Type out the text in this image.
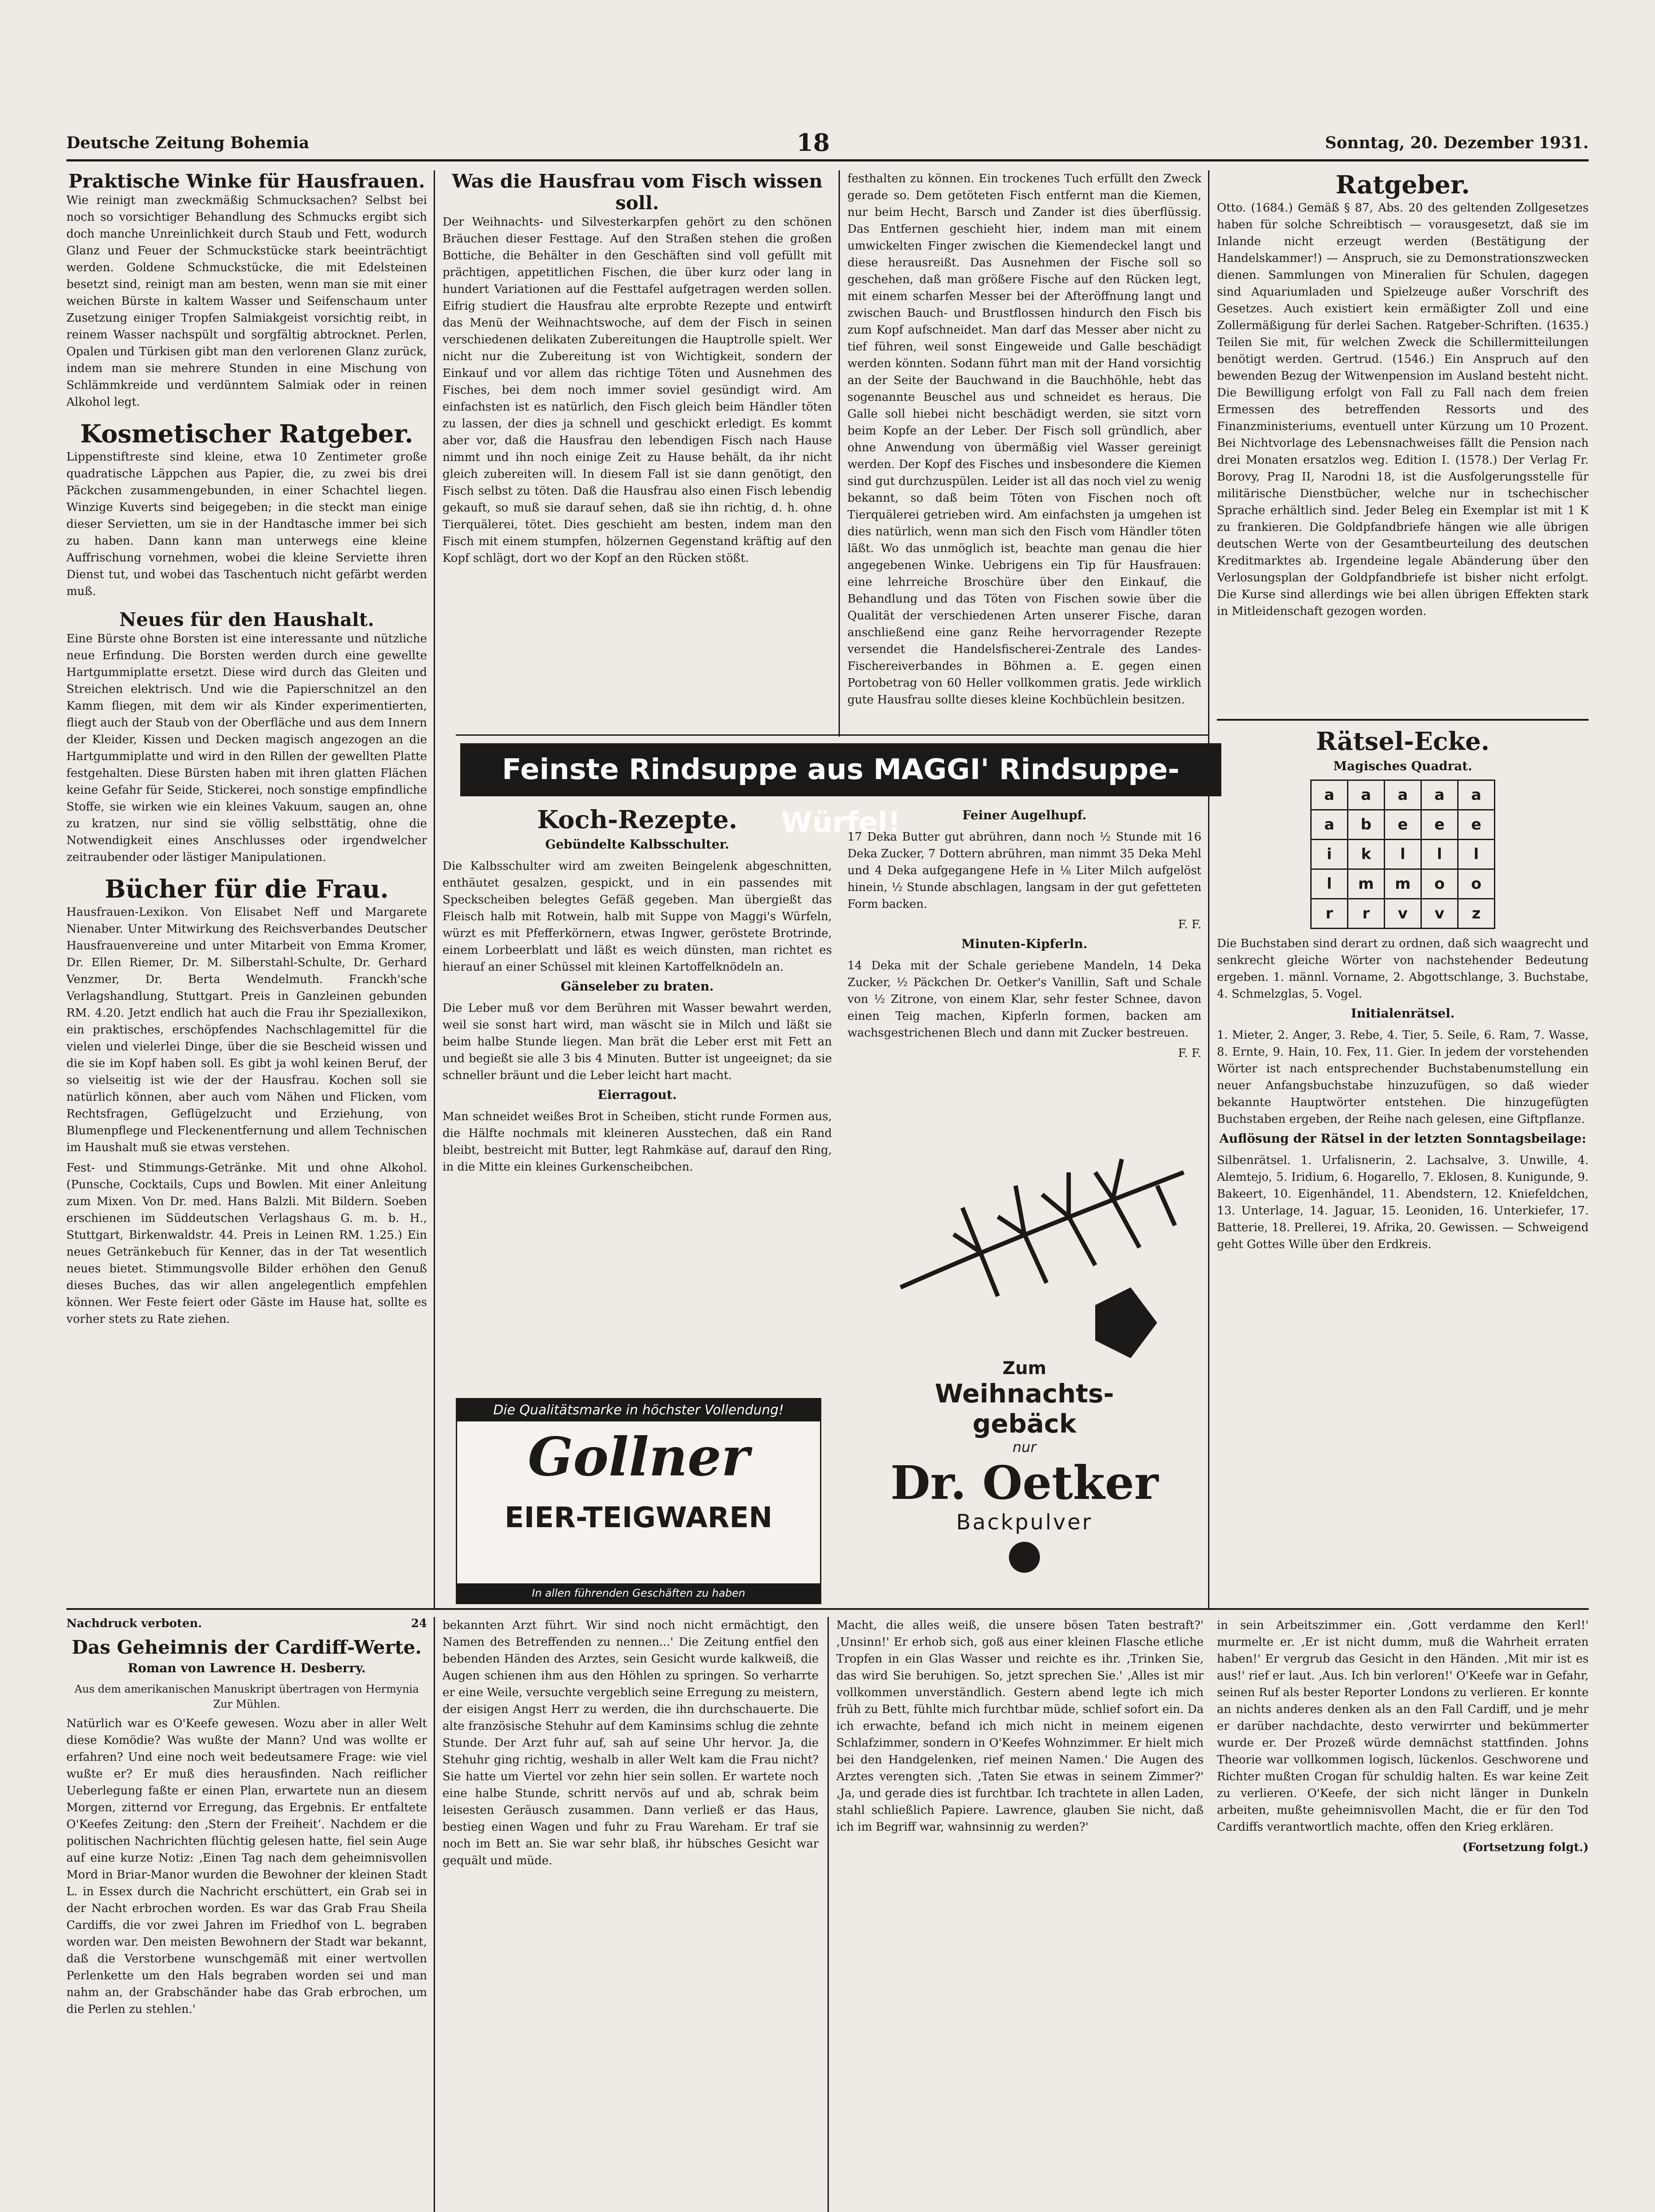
Deutsche Zeitung Bohemia	18	Sonntag, 20. Dezember 1931.

Praktische Winke für Hausfrauen.

Wie reinigt man zweckmäßig Schmucksachen? Selbst bei noch so vorsichtiger Behandlung des Schmucks ergibt sich doch manche Unreinlichkeit durch Staub und Fett, wodurch Glanz und Feuer der Schmuckstücke stark beeinträchtigt werden. Goldene Schmuckstücke, die mit Edelsteinen besetzt sind, reinigt man am besten, wenn man sie mit einer weichen Bürste in kaltem Wasser und Seifenschaum unter Zusetzung einiger Tropfen Salmiakgeist vorsichtig reibt, in reinem Wasser nachspült und sorgfältig abtrocknet. Perlen, Opalen und Türkisen gibt man den verlorenen Glanz zurück, indem man sie mehrere Stunden in eine Mischung von Schlämmkreide und verdünntem Salmiak oder in reinen Alkohol legt.

Kosmetischer Ratgeber.

Lippenstiftreste sind kleine, etwa 10 Zentimeter große quadratische Läppchen aus Papier, die, zu zwei bis drei Päckchen zusammengebunden, in einer Schachtel liegen. Winzige Kuverts sind beigegeben; in die steckt man einige dieser Servietten, um sie in der Handtasche immer bei sich zu haben. Dann kann man unterwegs eine kleine Auffrischung vornehmen, wobei die kleine Serviette ihren Dienst tut, und wobei das Taschentuch nicht gefärbt werden muß.

Neues für den Haushalt.

Eine Bürste ohne Borsten ist eine interessante und nützliche neue Erfindung. Die Borsten werden durch eine gewellte Hartgummiplatte ersetzt. Diese wird durch das Gleiten und Streichen elektrisch. Und wie die Papierschnitzel an den Kamm fliegen, mit dem wir als Kinder experimentierten, fliegt auch der Staub von der Oberfläche und aus dem Innern der Kleider, Kissen und Decken magisch angezogen an die Hartgummiplatte und wird in den Rillen der gewellten Platte festgehalten. Diese Bürsten haben mit ihren glatten Flächen keine Gefahr für Seide, Stickerei, noch sonstige empfindliche Stoffe, sie wirken wie ein kleines Vakuum, saugen an, ohne zu kratzen, nur sind sie völlig selbsttätig, ohne die Notwendigkeit eines Anschlusses oder irgendwelcher zeitraubender oder lästiger Manipulationen.

Bücher für die Frau.

Hausfrauen-Lexikon. Von Elisabet Neff und Margarete Nienaber. Unter Mitwirkung des Reichsverbandes Deutscher Hausfrauenvereine und unter Mitarbeit von Emma Kromer, Dr. Ellen Riemer, Dr. M. Silberstahl-Schulte, Dr. Gerhard Venzmer, Dr. Berta Wendelmuth. Franckh'sche Verlagshandlung, Stuttgart. Preis in Ganzleinen gebunden RM. 4.20. Jetzt endlich hat auch die Frau ihr Speziallexikon, ein praktisches, erschöpfendes Nachschlagemittel für die vielen und vielerlei Dinge, über die sie Bescheid wissen und die sie im Kopf haben soll. Es gibt ja wohl keinen Beruf, der so vielseitig ist wie der der Hausfrau. Kochen soll sie natürlich können, aber auch vom Nähen und Flicken, vom Rechtsfragen, Geflügelzucht und Erziehung, von Blumenpflege und Fleckenentfernung und allem Technischen im Haushalt muß sie etwas verstehen.

Fest- und Stimmungs-Getränke. Mit und ohne Alkohol. (Punsche, Cocktails, Cups und Bowlen. Mit einer Anleitung zum Mixen. Von Dr. med. Hans Balzli. Mit Bildern. Soeben erschienen im Süddeutschen Verlagshaus G. m. b. H., Stuttgart, Birkenwaldstr. 44. Preis in Leinen RM. 1.25.) Ein neues Getränkebuch für Kenner, das in der Tat wesentlich neues bietet. Stimmungsvolle Bilder erhöhen den Genuß dieses Buches, das wir allen angelegentlich empfehlen können. Wer Feste feiert oder Gäste im Hause hat, sollte es vorher stets zu Rate ziehen.

Was die Hausfrau vom Fisch wissen soll.

Der Weihnachts- und Silvesterkarpfen gehört zu den schönen Bräuchen dieser Festtage. Auf den Straßen stehen die großen Bottiche, die Behälter in den Geschäften sind voll gefüllt mit prächtigen, appetitlichen Fischen, die über kurz oder lang in hundert Variationen auf die Festtafel aufgetragen werden sollen. Eifrig studiert die Hausfrau alte erprobte Rezepte und entwirft das Menü der Weihnachtswoche, auf dem der Fisch in seinen verschiedenen delikaten Zubereitungen die Hauptrolle spielt. Wer nicht nur die Zubereitung ist von Wichtigkeit, sondern der Einkauf und vor allem das richtige Töten und Ausnehmen des Fisches, bei dem noch immer soviel gesündigt wird. Am einfachsten ist es natürlich, den Fisch gleich beim Händler töten zu lassen, der dies ja schnell und geschickt erledigt. Es kommt aber vor, daß die Hausfrau den lebendigen Fisch nach Hause nimmt und ihn noch einige Zeit zu Hause behält, da ihr nicht gleich zubereiten will. In diesem Fall ist sie dann genötigt, den Fisch selbst zu töten. Daß die Hausfrau also einen Fisch lebendig gekauft, so muß sie darauf sehen, daß sie ihn richtig, d. h. ohne Tierquälerei, tötet. Dies geschieht am besten, indem man den Fisch mit einem stumpfen, hölzernen Gegenstand kräftig auf den Kopf schlägt, dort wo der Kopf an den Rücken stößt.

festhalten zu können. Ein trockenes Tuch erfüllt den Zweck gerade so. Dem getöteten Fisch entfernt man die Kiemen, nur beim Hecht, Barsch und Zander ist dies überflüssig. Das Entfernen geschieht hier, indem man mit einem umwickelten Finger zwischen die Kiemendeckel langt und diese herausreißt. Das Ausnehmen der Fische soll so geschehen, daß man größere Fische auf den Rücken legt, mit einem scharfen Messer bei der Afteröffnung langt und zwischen Bauch- und Brustflossen hindurch den Fisch bis zum Kopf aufschneidet. Man darf das Messer aber nicht zu tief führen, weil sonst Eingeweide und Galle beschädigt werden könnten. Sodann führt man mit der Hand vorsichtig an der Seite der Bauchwand in die Bauchhöhle, hebt das sogenannte Beuschel aus und schneidet es heraus. Die Galle soll hiebei nicht beschädigt werden, sie sitzt vorn beim Kopfe an der Leber. Der Fisch soll gründlich, aber ohne Anwendung von übermäßig viel Wasser gereinigt werden. Der Kopf des Fisches und insbesondere die Kiemen sind gut durchzuspülen. Leider ist all das noch viel zu wenig bekannt, so daß beim Töten von Fischen noch oft Tierquälerei getrieben wird. Am einfachsten ja umgehen ist dies natürlich, wenn man sich den Fisch vom Händler töten läßt. Wo das unmöglich ist, beachte man genau die hier angegebenen Winke. Uebrigens ein Tip für Hausfrauen: eine lehrreiche Broschüre über den Einkauf, die Behandlung und das Töten von Fischen sowie über die Qualität der verschiedenen Arten unserer Fische, daran anschließend eine ganz Reihe hervorragender Rezepte versendet die Handelsfischerei-Zentrale des Landes-Fischereiverbandes in Böhmen a. E. gegen einen Portobetrag von 60 Heller vollkommen gratis. Jede wirklich gute Hausfrau sollte dieses kleine Kochbüchlein besitzen.

Ratgeber.

Otto. (1684.) Gemäß § 87, Abs. 20 des geltenden Zollgesetzes haben für solche Schreibtisch — vorausgesetzt, daß sie im Inlande nicht erzeugt werden (Bestätigung der Handelskammer!) — Anspruch, sie zu Demonstrationszwecken dienen. Sammlungen von Mineralien für Schulen, dagegen sind Aquariumladen und Spielzeuge außer Vorschrift des Gesetzes. Auch existiert kein ermäßigter Zoll und eine Zollermäßigung für derlei Sachen. Ratgeber-Schriften. (1635.) Teilen Sie mit, für welchen Zweck die Schillermitteilungen benötigt werden. Gertrud. (1546.) Ein Anspruch auf den bewenden Bezug der Witwenpension im Ausland besteht nicht. Die Bewilligung erfolgt von Fall zu Fall nach dem freien Ermessen des betreffenden Ressorts und des Finanzministeriums, eventuell unter Kürzung um 10 Prozent. Bei Nichtvorlage des Lebensnachweises fällt die Pension nach drei Monaten ersatzlos weg. Edition I. (1578.) Der Verlag Fr. Borovy, Prag II, Narodni 18, ist die Ausfolgerungsstelle für militärische Dienstbücher, welche nur in tschechischer Sprache erhältlich sind. Jeder Beleg ein Exemplar ist mit 1 K zu frankieren. Die Goldpfandbriefe hängen wie alle übrigen deutschen Werte von der Gesamtbeurteilung des deutschen Kreditmarktes ab. Irgendeine legale Abänderung über den Verlosungsplan der Goldpfandbriefe ist bisher nicht erfolgt. Die Kurse sind allerdings wie bei allen übrigen Effekten stark in Mitleidenschaft gezogen worden.

Rätsel-Ecke.

Magisches Quadrat.

a	a	a	a	a
a	b	e	e	e
i	k	l	l	l
l	m	m	o	o
r	r	v	v	z

Die Buchstaben sind derart zu ordnen, daß sich waagrecht und senkrecht gleiche Wörter von nachstehender Bedeutung ergeben. 1. männl. Vorname, 2. Abgottschlange, 3. Buchstabe, 4. Schmelzglas, 5. Vogel.

Initialenrätsel.

1. Mieter, 2. Anger, 3. Rebe, 4. Tier, 5. Seile, 6. Ram, 7. Wasse, 8. Ernte, 9. Hain, 10. Fex, 11. Gier. In jedem der vorstehenden Wörter ist nach entsprechender Buchstabenumstellung ein neuer Anfangsbuchstabe hinzuzufügen, so daß wieder bekannte Hauptwörter entstehen. Die hinzugefügten Buchstaben ergeben, der Reihe nach gelesen, eine Giftpflanze.

Auflösung der Rätsel in der letzten Sonntagsbeilage:

Silbenrätsel. 1. Urfalisnerin, 2. Lachsalve, 3. Unwille, 4. Alemtejo, 5. Iridium, 6. Hogarello, 7. Eklosen, 8. Kunigunde, 9. Bakeert, 10. Eigenhändel, 11. Abendstern, 12. Kniefeldchen, 13. Unterlage, 14. Jaguar, 15. Leoniden, 16. Unterkiefer, 17. Batterie, 18. Prellerei, 19. Afrika, 20. Gewissen. — Schweigend geht Gottes Wille über den Erdkreis.

Feinste Rindsuppe aus MAGGI' Rindsuppe-Würfel!

Koch-Rezepte.

Gebündelte Kalbsschulter.

Die Kalbsschulter wird am zweiten Beingelenk abgeschnitten, enthäutet gesalzen, gespickt, und in ein passendes mit Speckscheiben belegtes Gefäß gegeben. Man übergießt das Fleisch halb mit Rotwein, halb mit Suppe von Maggi's Würfeln, würzt es mit Pfefferkörnern, etwas Ingwer, geröstete Brotrinde, einem Lorbeerblatt und läßt es weich dünsten, man richtet es hierauf an einer Schüssel mit kleinen Kartoffelknödeln an.

Gänseleber zu braten.

Die Leber muß vor dem Berühren mit Wasser bewahrt werden, weil sie sonst hart wird, man wäscht sie in Milch und läßt sie beim halbe Stunde liegen. Man brät die Leber erst mit Fett an und begießt sie alle 3 bis 4 Minuten. Butter ist ungeeignet; da sie schneller bräunt und die Leber leicht hart macht.

Eierragout.

Man schneidet weißes Brot in Scheiben, sticht runde Formen aus, die Hälfte nochmals mit kleineren Ausstechen, daß ein Rand bleibt, bestreicht mit Butter, legt Rahmkäse auf, darauf den Ring, in die Mitte ein kleines Gurkenscheibchen.

Feiner Augelhupf.

17 Deka Butter gut abrühren, dann noch ½ Stunde mit 16 Deka Zucker, 7 Dottern abrühren, man nimmt 35 Deka Mehl und 4 Deka aufgegangene Hefe in ⅛ Liter Milch aufgelöst hinein, ½ Stunde abschlagen, langsam in der gut gefetteten Form backen.

F. F.

Minuten-Kipferln.

14 Deka mit der Schale geriebene Mandeln, 14 Deka Zucker, ½ Päckchen Dr. Oetker's Vanillin, Saft und Schale von ½ Zitrone, von einem Klar, sehr fester Schnee, davon einen Teig machen, Kipferln formen, backen am wachsgestrichenen Blech und dann mit Zucker bestreuen.

F. F.

Die Qualitätsmarke in höchster Vollendung!
Gollner
EIER-TEIGWAREN
In allen führenden Geschäften zu haben
Zum
Weihnachts-
gebäck
nur
Dr. Oetker
Backpulver
Nachdruck verboten.	24

Das Geheimnis der Cardiff-Werte.

Roman von Lawrence H. Desberry.

Aus dem amerikanischen Manuskript übertragen von Hermynia Zur Mühlen.

Natürlich war es O'Keefe gewesen. Wozu aber in aller Welt diese Komödie? Was wußte der Mann? Und was wollte er erfahren? Und eine noch weit bedeutsamere Frage: wie viel wußte er? Er muß dies herausfinden. Nach reiflicher Ueberlegung faßte er einen Plan, erwartete nun an diesem Morgen, zitternd vor Erregung, das Ergebnis. Er entfaltete O'Keefes Zeitung: den ‚Stern der Freiheit‘. Nachdem er die politischen Nachrichten flüchtig gelesen hatte, fiel sein Auge auf eine kurze Notiz: ‚Einen Tag nach dem geheimnisvollen Mord in Briar-Manor wurden die Bewohner der kleinen Stadt L. in Essex durch die Nachricht erschüttert, ein Grab sei in der Nacht erbrochen worden. Es war das Grab Frau Sheila Cardiffs, die vor zwei Jahren im Friedhof von L. begraben worden war. Den meisten Bewohnern der Stadt war bekannt, daß die Verstorbene wunschgemäß mit einer wertvollen Perlenkette um den Hals begraben worden sei und man nahm an, der Grabschänder habe das Grab erbrochen, um die Perlen zu stehlen.'

bekannten Arzt führt. Wir sind noch nicht ermächtigt, den Namen des Betreffenden zu nennen...' Die Zeitung entfiel den bebenden Händen des Arztes, sein Gesicht wurde kalkweiß, die Augen schienen ihm aus den Höhlen zu springen. So verharrte er eine Weile, versuchte vergeblich seine Erregung zu meistern, der eisigen Angst Herr zu werden, die ihn durchschauerte. Die alte französische Stehuhr auf dem Kaminsims schlug die zehnte Stunde. Der Arzt fuhr auf, sah auf seine Uhr hervor. Ja, die Stehuhr ging richtig, weshalb in aller Welt kam die Frau nicht? Sie hatte um Viertel vor zehn hier sein sollen. Er wartete noch eine halbe Stunde, schritt nervös auf und ab, schrak beim leisesten Geräusch zusammen. Dann verließ er das Haus, bestieg einen Wagen und fuhr zu Frau Wareham. Er traf sie noch im Bett an. Sie war sehr blaß, ihr hübsches Gesicht war gequält und müde.

Macht, die alles weiß, die unsere bösen Taten bestraft?' ‚Unsinn!' Er erhob sich, goß aus einer kleinen Flasche etliche Tropfen in ein Glas Wasser und reichte es ihr. ‚Trinken Sie, das wird Sie beruhigen. So, jetzt sprechen Sie.' ‚Alles ist mir vollkommen unverständlich. Gestern abend legte ich mich früh zu Bett, fühlte mich furchtbar müde, schlief sofort ein. Da ich erwachte, befand ich mich nicht in meinem eigenen Schlafzimmer, sondern in O'Keefes Wohnzimmer. Er hielt mich bei den Handgelenken, rief meinen Namen.' Die Augen des Arztes verengten sich. ‚Taten Sie etwas in seinem Zimmer?' ‚Ja, und gerade dies ist furchtbar. Ich trachtete in allen Laden, stahl schließlich Papiere. Lawrence, glauben Sie nicht, daß ich im Begriff war, wahnsinnig zu werden?'

in sein Arbeitszimmer ein. ‚Gott verdamme den Kerl!' murmelte er. ‚Er ist nicht dumm, muß die Wahrheit erraten haben!' Er vergrub das Gesicht in den Händen. ‚Mit mir ist es aus!' rief er laut. ‚Aus. Ich bin verloren!' O'Keefe war in Gefahr, seinen Ruf als bester Reporter Londons zu verlieren. Er konnte an nichts anderes denken als an den Fall Cardiff, und je mehr er darüber nachdachte, desto verwirrter und bekümmerter wurde er. Der Prozeß würde demnächst stattfinden. Johns Theorie war vollkommen logisch, lückenlos. Geschworene und Richter mußten Crogan für schuldig halten. Es war keine Zeit zu verlieren. O'Keefe, der sich nicht länger in Dunkeln arbeiten, mußte geheimnisvollen Macht, die er für den Tod Cardiffs verantwortlich machte, offen den Krieg erklären.

(Fortsetzung folgt.)
